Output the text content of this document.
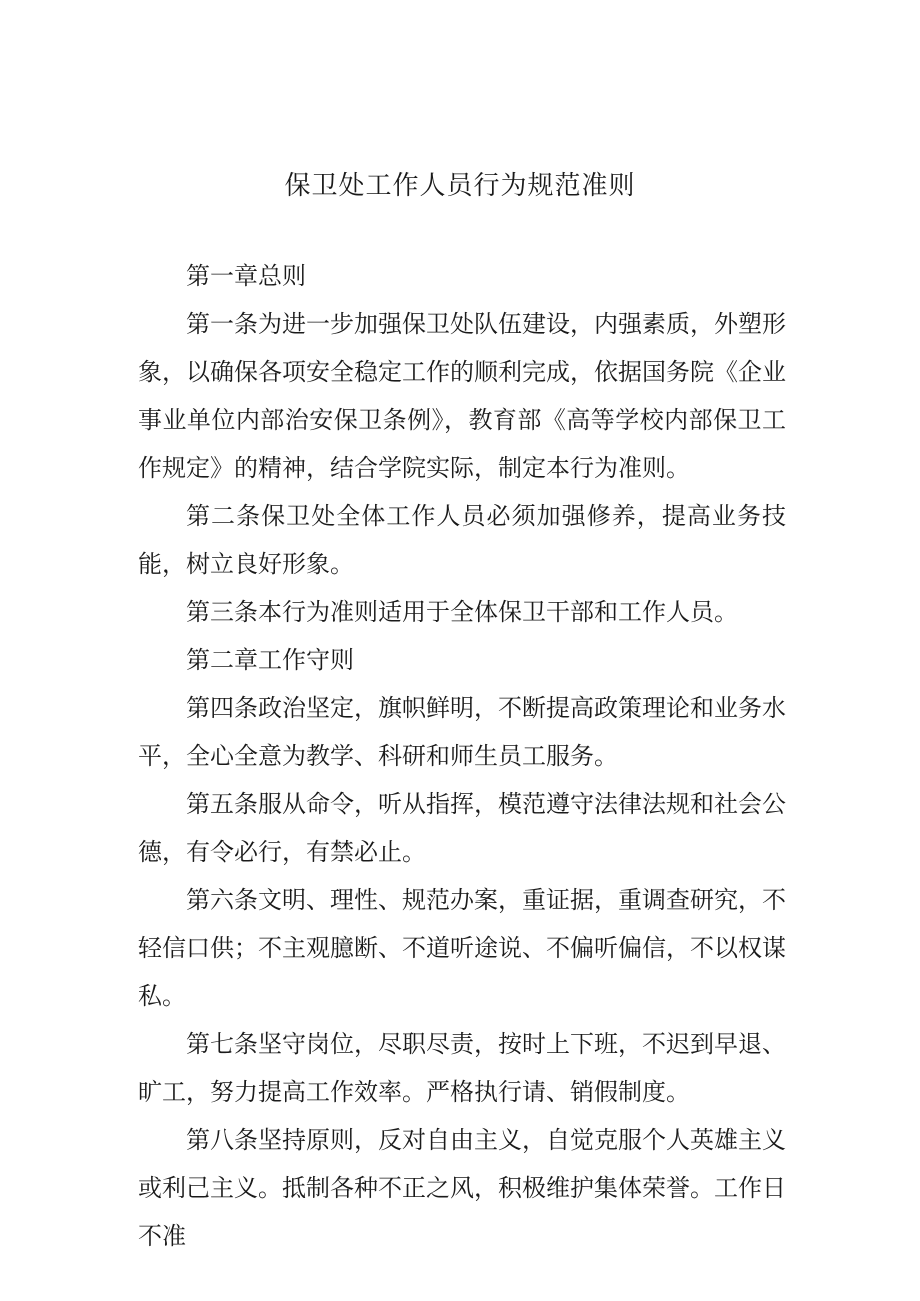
保卫处工作人员行为规范准则

第一章总则

第一条为进一步加强保卫处队伍建设，内强素质，外塑形象，以确保各项安全稳定工作的顺利完成，依据国务院《企业事业单位内部治安保卫条例》，教育部《高等学校内部保卫工作规定》的精神，结合学院实际，制定本行为准则。

第二条保卫处全体工作人员必须加强修养，提高业务技能，树立良好形象。

第三条本行为准则适用于全体保卫干部和工作人员。

第二章工作守则

第四条政治坚定，旗帜鲜明，不断提高政策理论和业务水平，全心全意为教学、科研和师生员工服务。

第五条服从命令，听从指挥，模范遵守法律法规和社会公德，有令必行，有禁必止。

第六条文明、理性、规范办案，重证据，重调查研究，不轻信口供；不主观臆断、不道听途说、不偏听偏信，不以权谋私。

第七条坚守岗位，尽职尽责，按时上下班，不迟到早退、旷工，努力提高工作效率。严格执行请、销假制度。

第八条坚持原则，反对自由主义，自觉克服个人英雄主义或利己主义。抵制各种不正之风，积极维护集体荣誉。工作日不准
